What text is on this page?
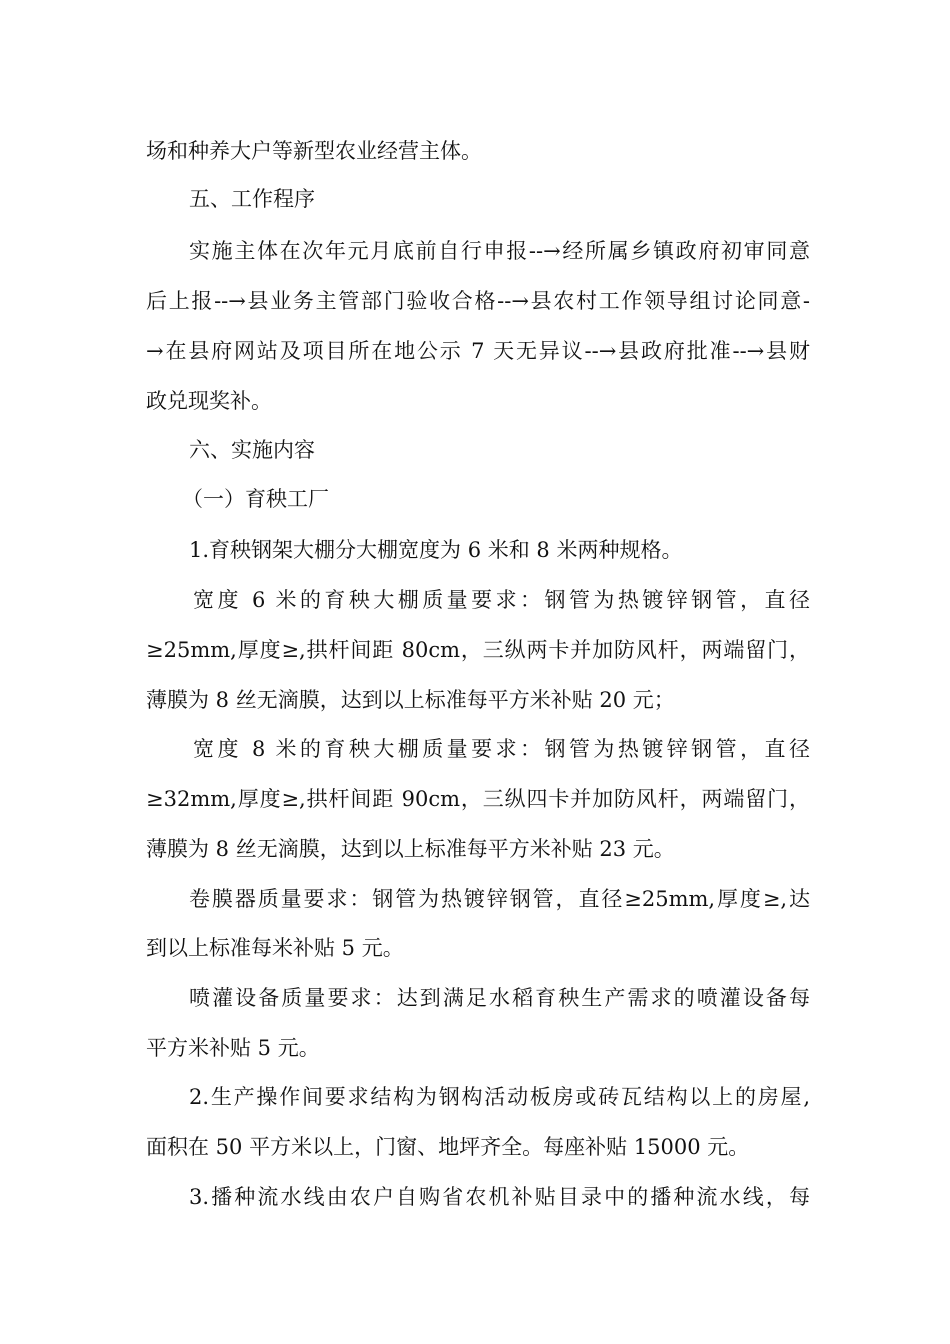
场和种养大户等新型农业经营主体。
五、工作程序
实施主体在次年元月底前自行申报--→经所属乡镇政府初审同意
后上报--→县业务主管部门验收合格--→县农村工作领导组讨论同意-
→在县府网站及项目所在地公示 7 天无异议--→县政府批准--→县财
政兑现奖补。
六、实施内容
（一）育秧工厂
1.育秧钢架大棚分大棚宽度为 6 米和 8 米两种规格。
宽度 6 米的育秧大棚质量要求：钢管为热镀锌钢管，直径
≥25mm,厚度≥,拱杆间距 80cm，三纵两卡并加防风杆，两端留门，
薄膜为 8 丝无滴膜，达到以上标准每平方米补贴 20 元；
宽度 8 米的育秧大棚质量要求：钢管为热镀锌钢管，直径
≥32mm,厚度≥,拱杆间距 90cm，三纵四卡并加防风杆，两端留门，
薄膜为 8 丝无滴膜，达到以上标准每平方米补贴 23 元。
卷膜器质量要求：钢管为热镀锌钢管，直径≥25mm,厚度≥,达
到以上标准每米补贴 5 元。
喷灌设备质量要求：达到满足水稻育秧生产需求的喷灌设备每
平方米补贴 5 元。
2.生产操作间要求结构为钢构活动板房或砖瓦结构以上的房屋,
面积在 50 平方米以上，门窗、地坪齐全。每座补贴 15000 元。
3.播种流水线由农户自购省农机补贴目录中的播种流水线，每
